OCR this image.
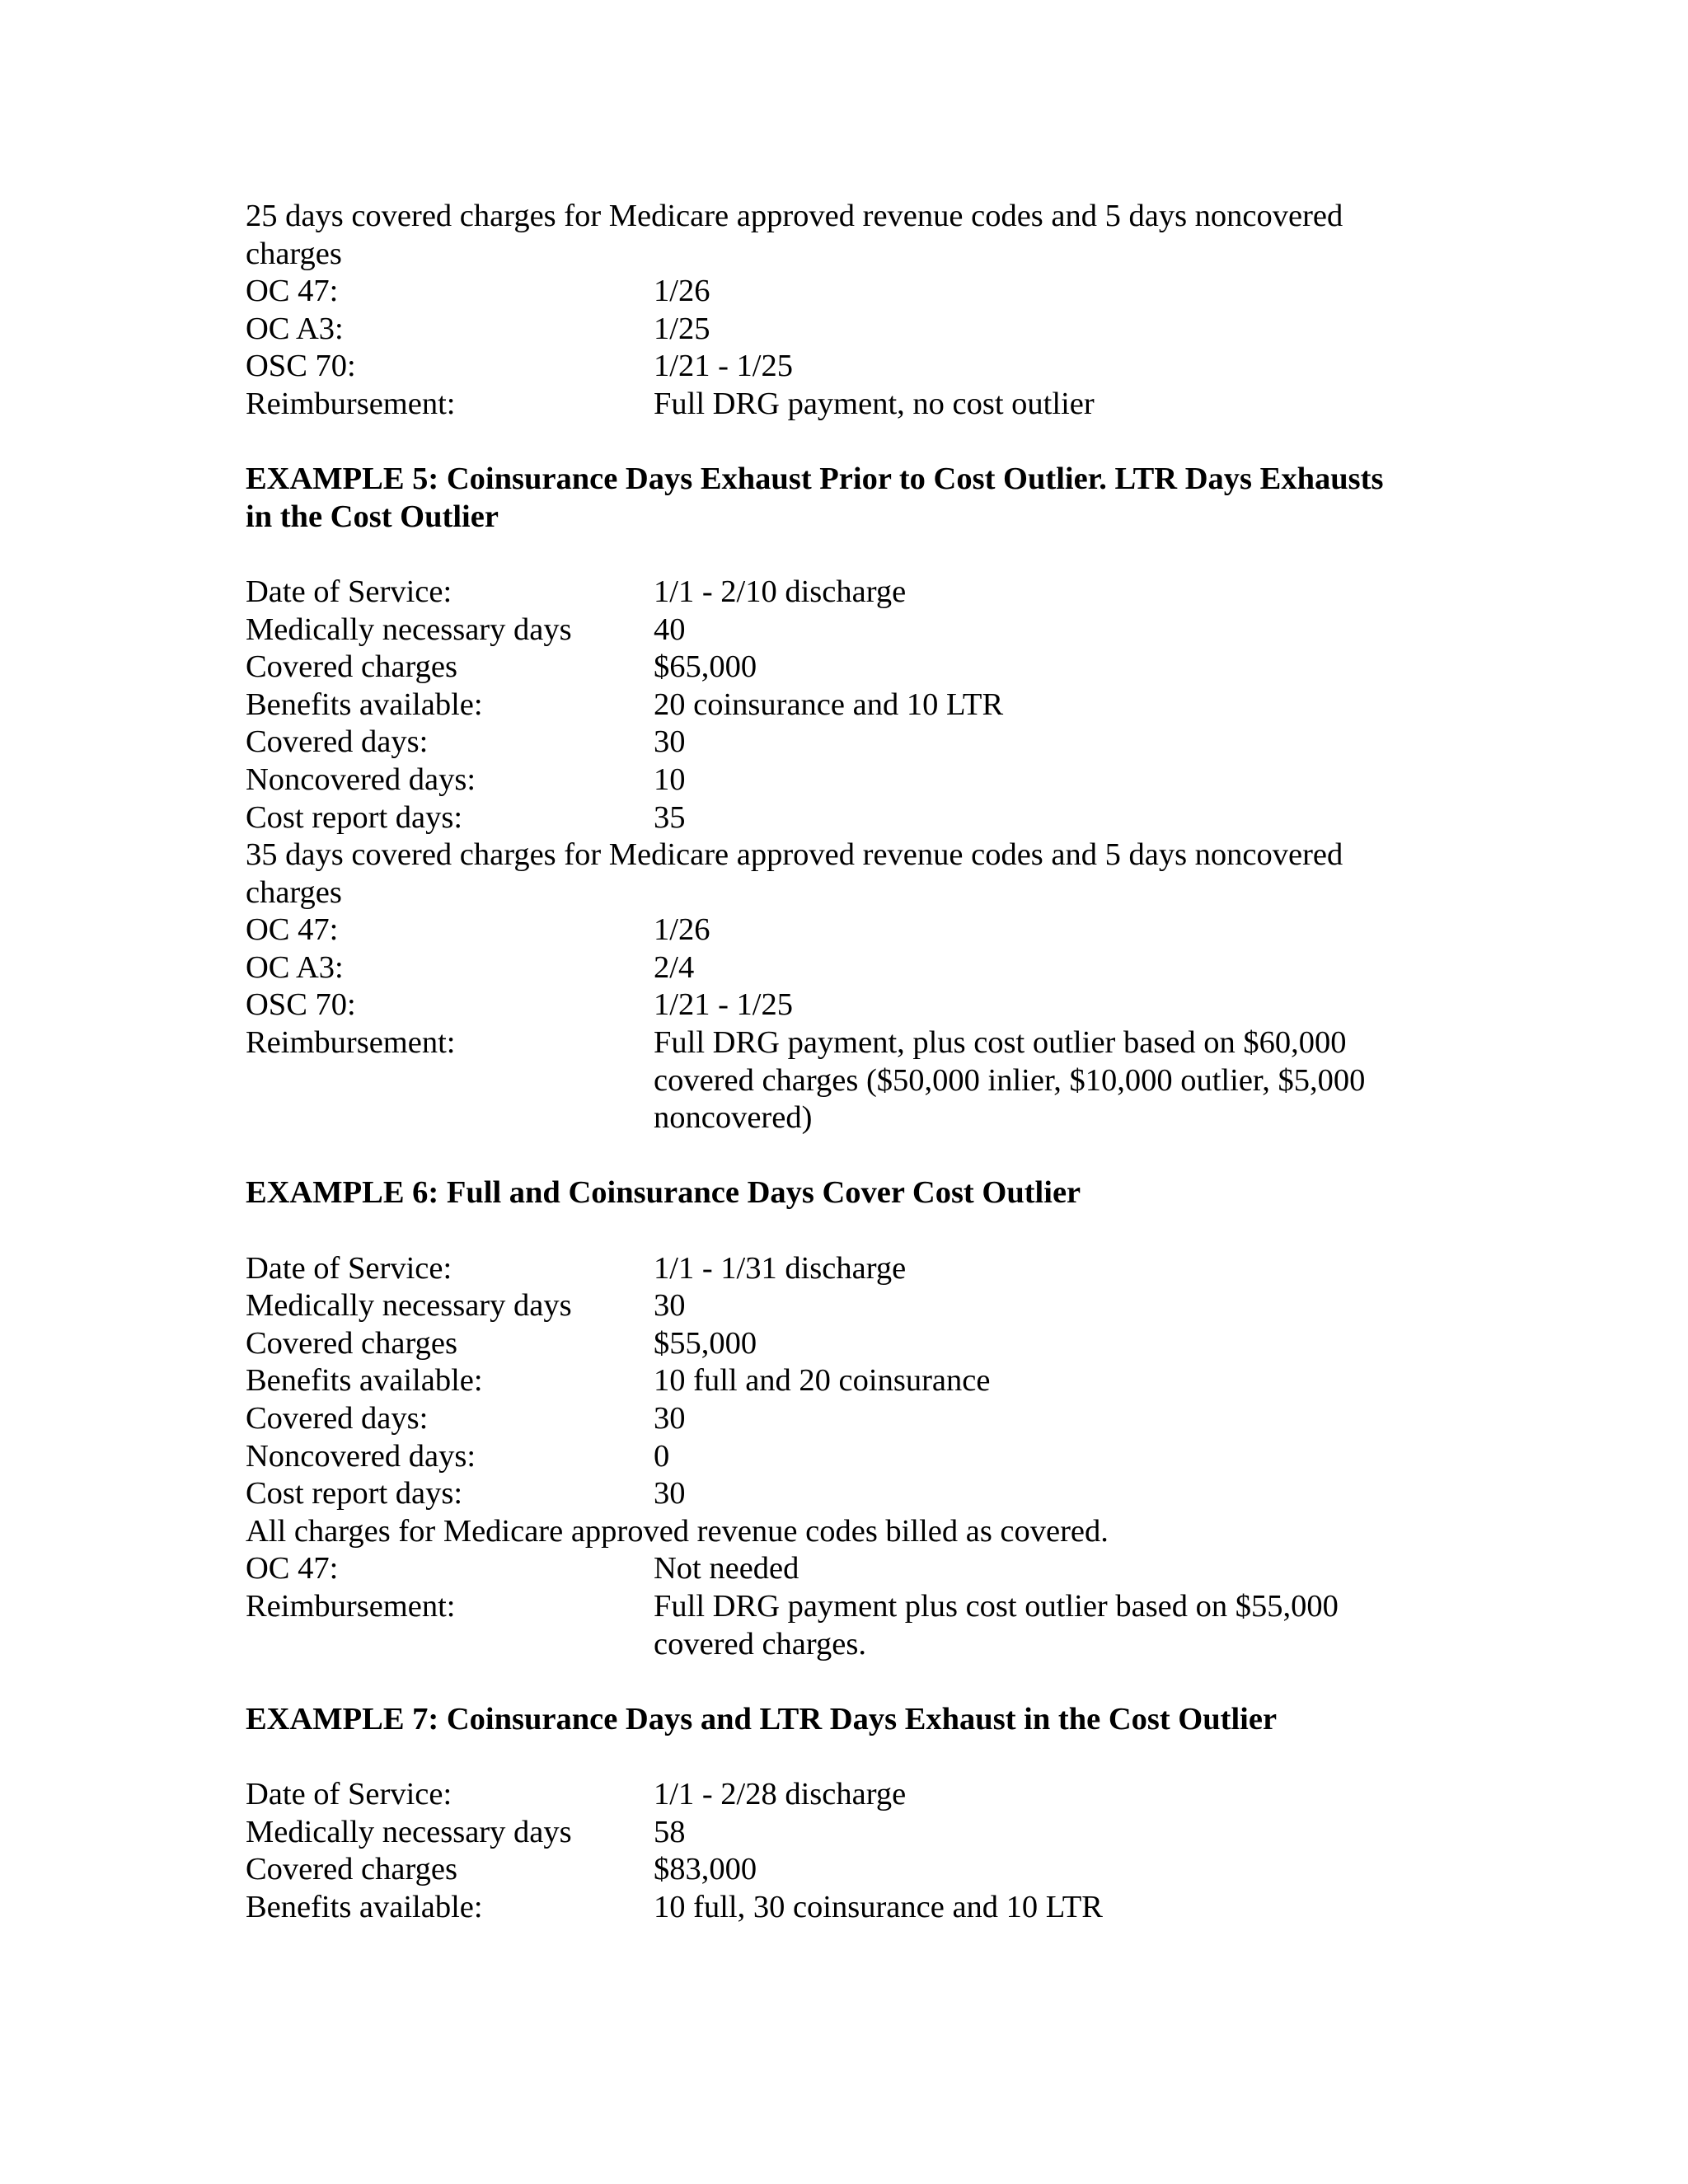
25 days covered charges for Medicare approved revenue codes and 5 days noncovered
charges
OC 47:	1/26
OC A3:	1/25
OSC 70:	1/21 - 1/25
Reimbursement:	Full DRG payment, no cost outlier
EXAMPLE 5: Coinsurance Days Exhaust Prior to Cost Outlier. LTR Days Exhausts
in the Cost Outlier
Date of Service:	1/1 - 2/10 discharge
Medically necessary days	40
Covered charges	$65,000
Benefits available:	20 coinsurance and 10 LTR
Covered days:	30
Noncovered days:	10
Cost report days:	35
35 days covered charges for Medicare approved revenue codes and 5 days noncovered
charges
OC 47:	1/26
OC A3:	2/4
OSC 70:	1/21 - 1/25
Reimbursement:	Full DRG payment, plus cost outlier based on $60,000
covered charges ($50,000 inlier, $10,000 outlier, $5,000
noncovered)
EXAMPLE 6: Full and Coinsurance Days Cover Cost Outlier
Date of Service:	1/1 - 1/31 discharge
Medically necessary days	30
Covered charges	$55,000
Benefits available:	10 full and 20 coinsurance
Covered days:	30
Noncovered days:	0
Cost report days:	30
All charges for Medicare approved revenue codes billed as covered.
OC 47:	Not needed
Reimbursement:	Full DRG payment plus cost outlier based on $55,000
covered charges.
EXAMPLE 7: Coinsurance Days and LTR Days Exhaust in the Cost Outlier
Date of Service:	1/1 - 2/28 discharge
Medically necessary days	58
Covered charges	$83,000
Benefits available:	10 full, 30 coinsurance and 10 LTR
